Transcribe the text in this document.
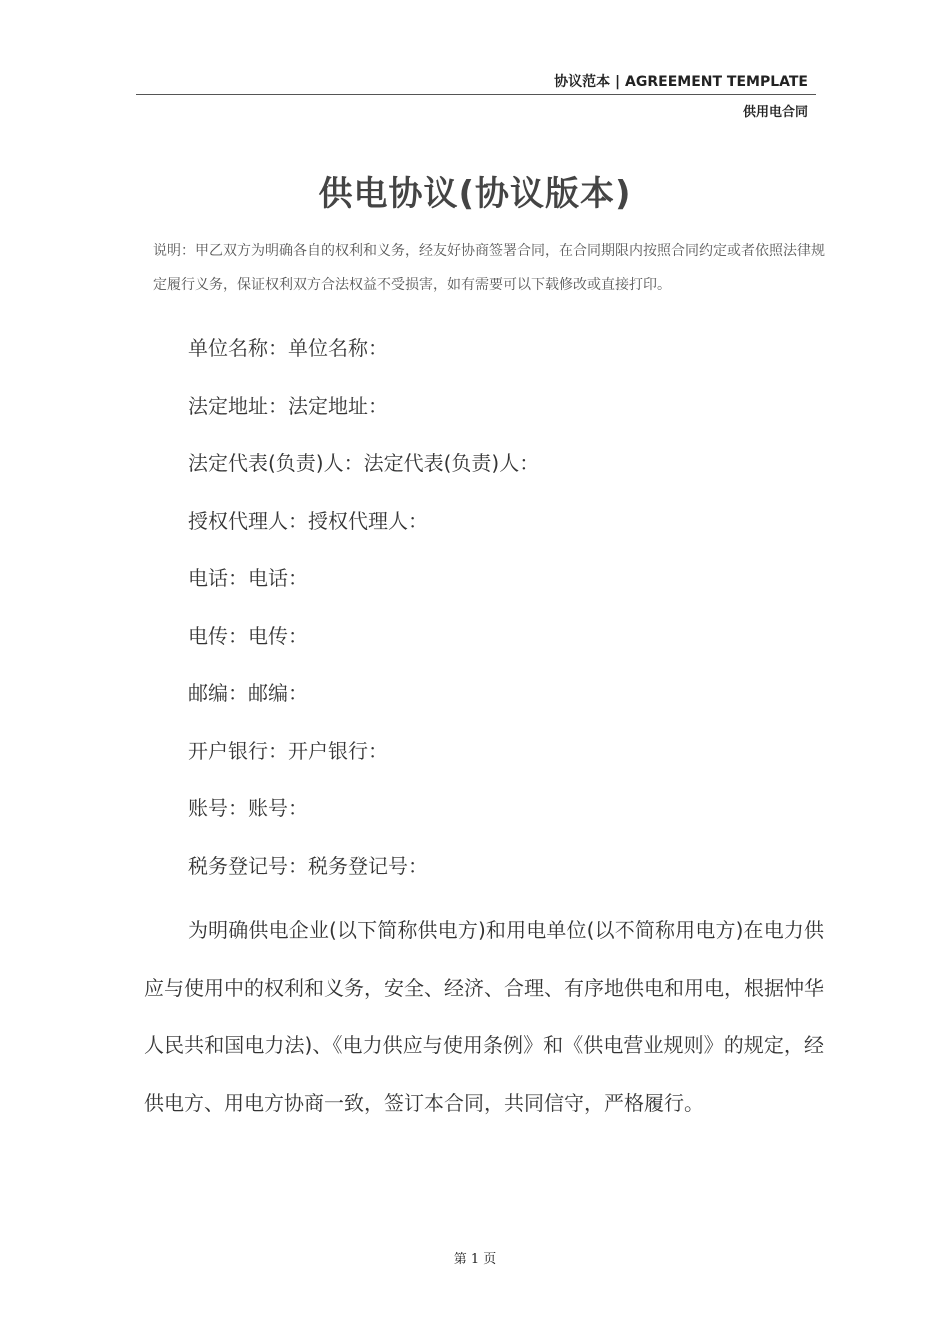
协议范本 | AGREEMENT TEMPLATE
供用电合同
供电协议(协议版本)
说明：甲乙双方为明确各自的权利和义务，经友好协商签署合同，在合同期限内按照合同约定或者依照法律规定履行义务，保证权利双方合法权益不受损害，如有需要可以下载修改或直接打印。
单位名称：单位名称：
法定地址：法定地址：
法定代表(负责)人：法定代表(负责)人：
授权代理人：授权代理人：
电话：电话：
电传：电传：
邮编：邮编：
开户银行：开户银行：
账号：账号：
税务登记号：税务登记号：
为明确供电企业(以下简称供电方)和用电单位(以不简称用电方)在电力供应与使用中的权利和义务，安全、经济、合理、有序地供电和用电，根据忡华人民共和国电力法)、《电力供应与使用条例》和《供电营业规则》的规定，经供电方、用电方协商一致，签订本合同，共同信守，严格履行。
第 1 页
